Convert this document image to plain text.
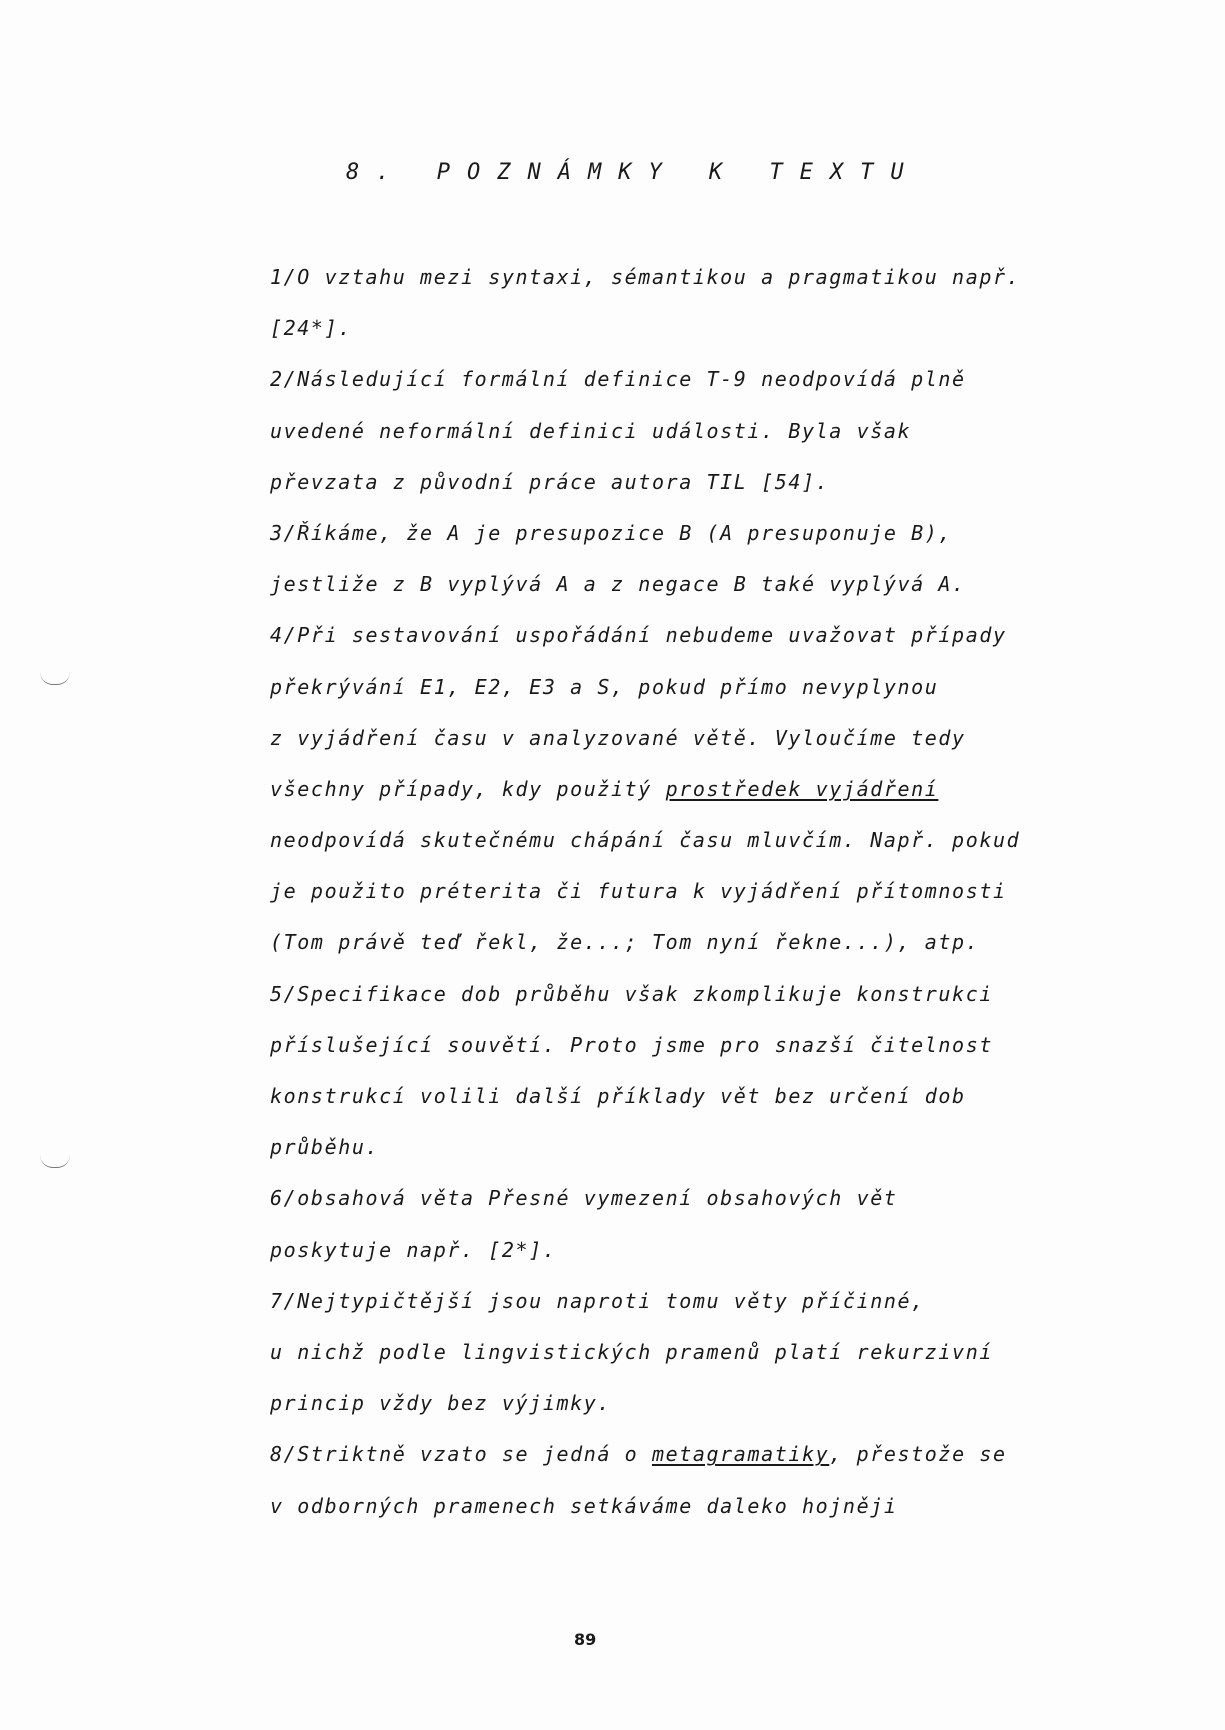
8. POZNÁMKY K TEXTU
1/O vztahu mezi syntaxi, sémantikou a pragmatikou např.
[24*].
2/Následující formální definice T-9 neodpovídá plně
uvedené neformální definici události. Byla však
převzata z původní práce autora TIL [54].
3/Říkáme, že A je presupozice B (A presuponuje B),
jestliže z B vyplývá A a z negace B také vyplývá A.
4/Při sestavování uspořádání nebudeme uvažovat případy
překrývání E1, E2, E3 a S, pokud přímo nevyplynou
z vyjádření času v analyzované větě. Vyloučíme tedy
všechny případy, kdy použitý prostředek vyjádření
neodpovídá skutečnému chápání času mluvčím. Např. pokud
je použito préterita či futura k vyjádření přítomnosti
(Tom právě teď řekl, že...; Tom nyní řekne...), atp.
5/Specifikace dob průběhu však zkomplikuje konstrukci
příslušející souvětí. Proto jsme pro snazší čitelnost
konstrukcí volili další příklady vět bez určení dob
průběhu.
6/obsahová věta Přesné vymezení obsahových vět
poskytuje např. [2*].
7/Nejtypičtější jsou naproti tomu věty příčinné,
u nichž podle lingvistických pramenů platí rekurzivní
princip vždy bez výjimky.
8/Striktně vzato se jedná o metagramatiky, přestože se
v odborných pramenech setkáváme daleko hojněji
89
